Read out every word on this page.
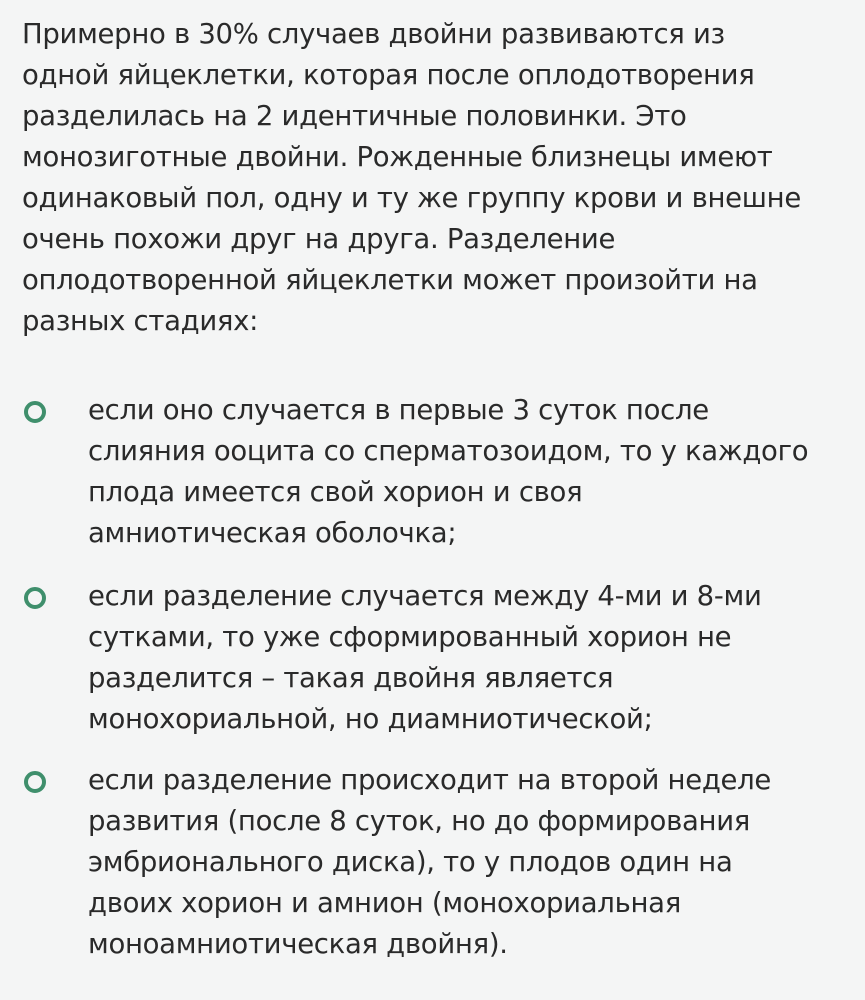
Примерно в 30% случаев двойни развиваются из
одной яйцеклетки, которая после оплодотворения
разделилась на 2 идентичные половинки. Это
монозиготные двойни. Рожденные близнецы имеют
одинаковый пол, одну и ту же группу крови и внешне
очень похожи друг на друга. Разделение
оплодотворенной яйцеклетки может произойти на
разных стадиях:

если оно случается в первые 3 суток после
слияния ооцита со сперматозоидом, то у каждого
плода имеется свой хорион и своя
амниотическая оболочка;
если разделение случается между 4-ми и 8-ми
сутками, то уже сформированный хорион не
разделится – такая двойня является
монохориальной, но диамниотической;
если разделение происходит на второй неделе
развития (после 8 суток, но до формирования
эмбрионального диска), то у плодов один на
двоих хорион и амнион (монохориальная
моноамниотическая двойня).
